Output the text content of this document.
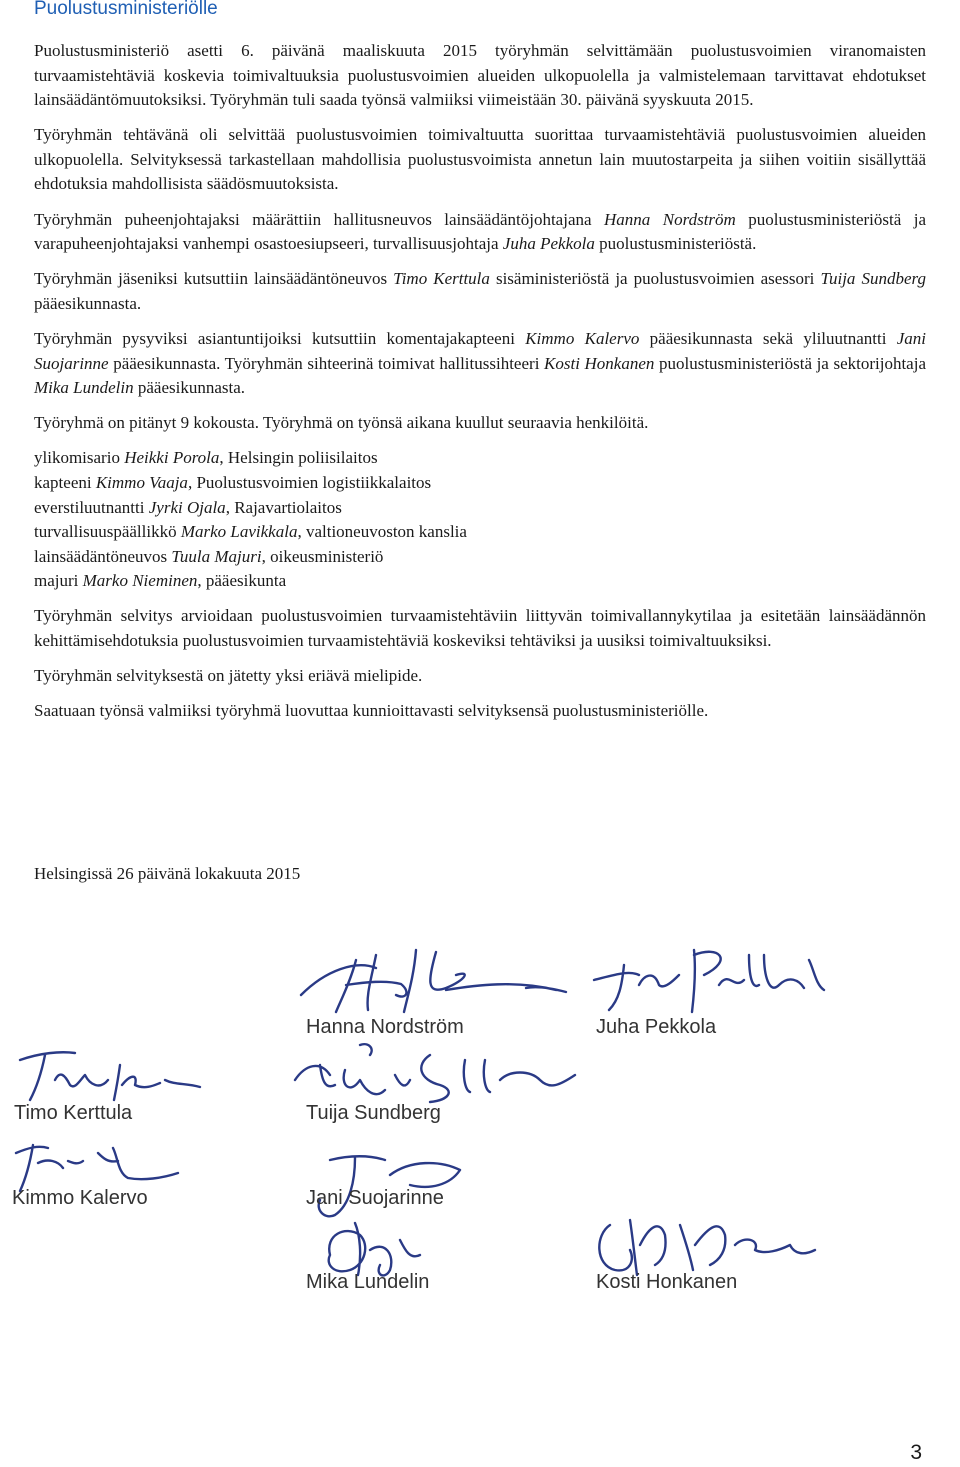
Puolustusministeriölle

Puolustusministeriö asetti 6. päivänä maaliskuuta 2015 työryhmän selvittämään puolustusvoimien viranomaisten turvaamistehtäviä koskevia toimivaltuuksia puolustusvoimien alueiden ulkopuolella ja valmistelemaan tarvittavat ehdotukset lainsäädäntömuutoksiksi. Työryhmän tuli saada työnsä valmiiksi viimeistään 30. päivänä syyskuuta 2015.

Työryhmän tehtävänä oli selvittää puolustusvoimien toimivaltuutta suorittaa turvaamistehtäviä puolustusvoimien alueiden ulkopuolella. Selvityksessä tarkastellaan mahdollisia puolustusvoimista annetun lain muutostarpeita ja siihen voitiin sisällyttää ehdotuksia mahdollisista säädösmuutoksista.

Työryhmän puheenjohtajaksi määrättiin hallitusneuvos lainsäädäntöjohtajana Hanna Nordström puolustusministeriöstä ja varapuheenjohtajaksi vanhempi osastoesiupseeri, turvallisuusjohtaja Juha Pekkola puolustusministeriöstä.

Työryhmän jäseniksi kutsuttiin lainsäädäntöneuvos Timo Kerttula sisäministeriöstä ja puolustusvoimien asessori Tuija Sundberg pääesikunnasta.

Työryhmän pysyviksi asiantuntijoiksi kutsuttiin komentajakapteeni Kimmo Kalervo pääesikunnasta sekä yliluutnantti Jani Suojarinne pääesikunnasta. Työryhmän sihteerinä toimivat hallitussihteeri Kosti Honkanen puolustusministeriöstä ja sektorijohtaja Mika Lundelin pääesikunnasta.

Työryhmä on pitänyt 9 kokousta. Työryhmä on työnsä aikana kuullut seuraavia henkilöitä.

ylikomisario Heikki Porola, Helsingin poliisilaitos
kapteeni Kimmo Vaaja, Puolustusvoimien logistiikkalaitos
everstiluutnantti Jyrki Ojala, Rajavartiolaitos
turvallisuuspäällikkö Marko Lavikkala, valtioneuvoston kanslia
lainsäädäntöneuvos Tuula Majuri, oikeusministeriö
majuri Marko Nieminen, pääesikunta

Työryhmän selvitys arvioidaan puolustusvoimien turvaamistehtäviin liittyvän toimivallannykytilaa ja esitetään lainsäädännön kehittämisehdotuksia puolustusvoimien turvaamistehtäviä koskeviksi tehtäviksi ja uusiksi toimivaltuuksiksi.

Työryhmän selvityksestä on jätetty yksi eriävä mielipide.

Saatuaan työnsä valmiiksi työryhmä luovuttaa kunnioittavasti selvityksensä puolustusministeriölle.

Helsingissä 26 päivänä lokakuuta 2015
Hanna Nordström	Juha Pekkola
Timo Kerttula	Tuija Sundberg
Kimmo Kalervo	Jani Suojarinne
Mika Lundelin	Kosti Honkanen
3
